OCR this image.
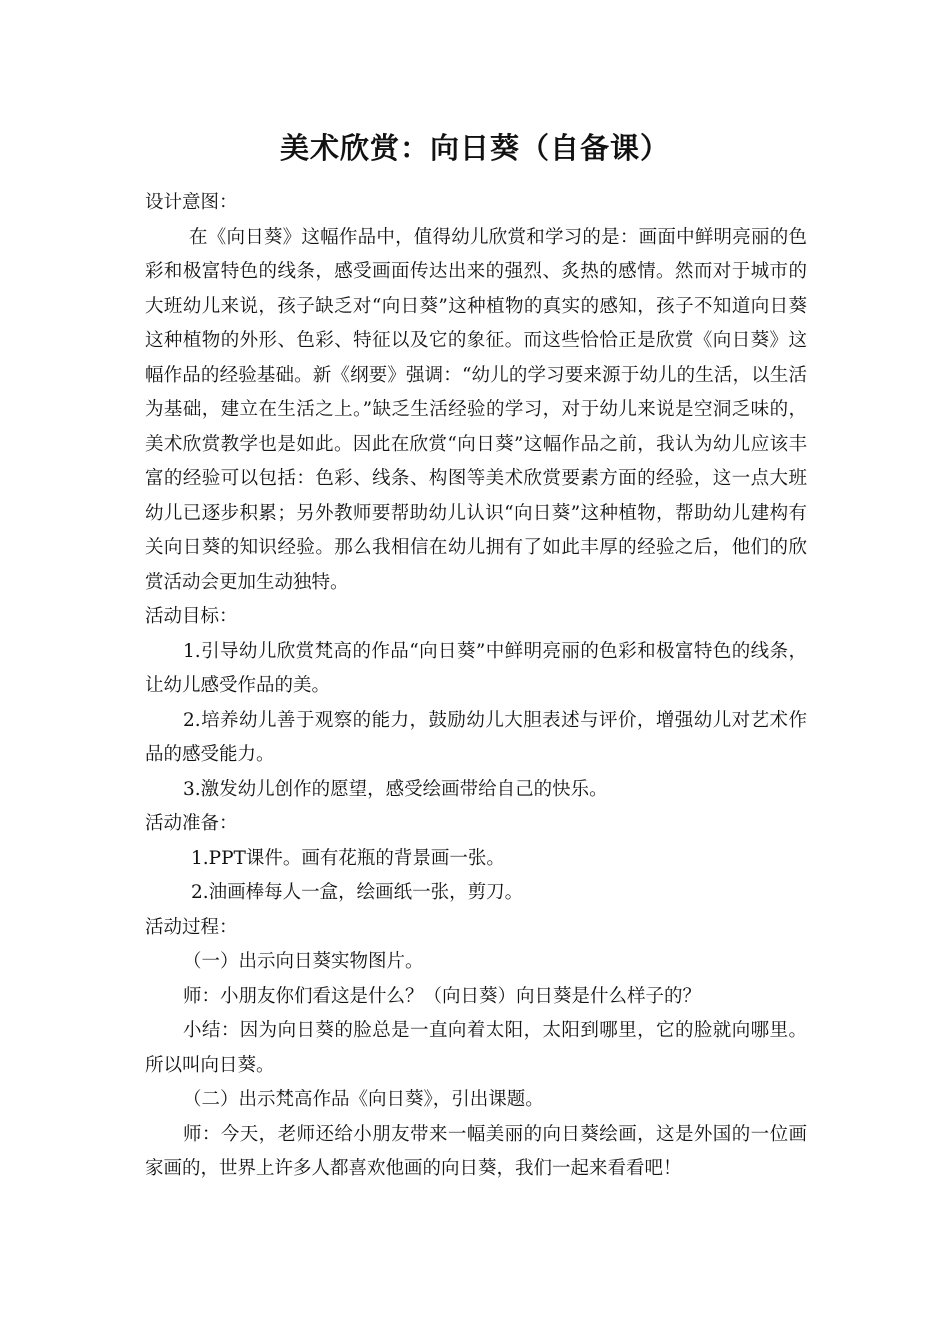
美术欣赏：向日葵（自备课）

设计意图：

在《向日葵》这幅作品中，值得幼儿欣赏和学习的是：画面中鲜明亮丽的色彩和极富特色的线条，感受画面传达出来的强烈、炙热的感情。然而对于城市的大班幼儿来说，孩子缺乏对“向日葵”这种植物的真实的感知，孩子不知道向日葵这种植物的外形、色彩、特征以及它的象征。而这些恰恰正是欣赏《向日葵》这幅作品的经验基础。新《纲要》强调：“幼儿的学习要来源于幼儿的生活，以生活为基础，建立在生活之上。”缺乏生活经验的学习，对于幼儿来说是空洞乏味的，美术欣赏教学也是如此。因此在欣赏“向日葵”这幅作品之前，我认为幼儿应该丰富的经验可以包括：色彩、线条、构图等美术欣赏要素方面的经验，这一点大班幼儿已逐步积累；另外教师要帮助幼儿认识“向日葵”这种植物，帮助幼儿建构有关向日葵的知识经验。那么我相信在幼儿拥有了如此丰厚的经验之后，他们的欣赏活动会更加生动独特。

活动目标：

1.引导幼儿欣赏梵高的作品“向日葵”中鲜明亮丽的色彩和极富特色的线条，让幼儿感受作品的美。

2.培养幼儿善于观察的能力，鼓励幼儿大胆表述与评价，增强幼儿对艺术作品的感受能力。

3.激发幼儿创作的愿望，感受绘画带给自己的快乐。

活动准备：

1.PPT课件。画有花瓶的背景画一张。

2.油画棒每人一盒，绘画纸一张，剪刀。

活动过程：

（一）出示向日葵实物图片。

师：小朋友你们看这是什么？（向日葵）向日葵是什么样子的？

小结：因为向日葵的脸总是一直向着太阳，太阳到哪里，它的脸就向哪里。所以叫向日葵。

（二）出示梵高作品《向日葵》，引出课题。

师：今天，老师还给小朋友带来一幅美丽的向日葵绘画，这是外国的一位画家画的，世界上许多人都喜欢他画的向日葵，我们一起来看看吧！
